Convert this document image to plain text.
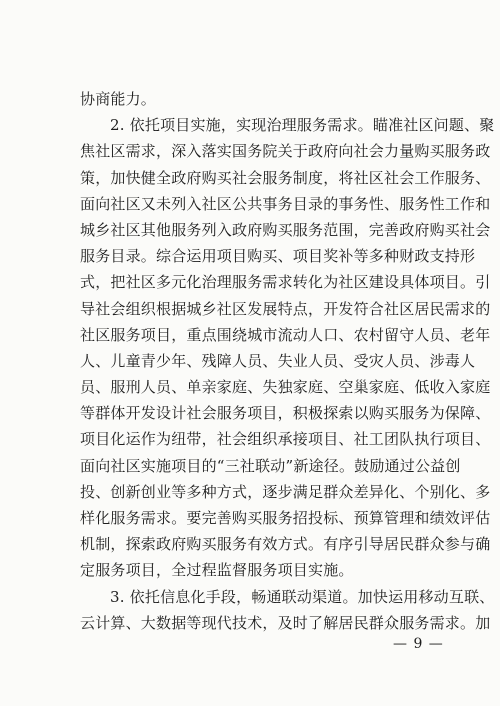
协商能力。
2. 依托项目实施，实现治理服务需求。瞄准社区问题、聚
焦社区需求，深入落实国务院关于政府向社会力量购买服务政
策，加快健全政府购买社会服务制度，将社区社会工作服务、
面向社区又未列入社区公共事务目录的事务性、服务性工作和
城乡社区其他服务列入政府购买服务范围，完善政府购买社会
服务目录。综合运用项目购买、项目奖补等多种财政支持形
式，把社区多元化治理服务需求转化为社区建设具体项目。引
导社会组织根据城乡社区发展特点，开发符合社区居民需求的
社区服务项目，重点围绕城市流动人口、农村留守人员、老年
人、儿童青少年、残障人员、失业人员、受灾人员、涉毒人
员、服刑人员、单亲家庭、失独家庭、空巢家庭、低收入家庭
等群体开发设计社会服务项目，积极探索以购买服务为保障、
项目化运作为纽带，社会组织承接项目、社工团队执行项目、
面向社区实施项目的“三社联动”新途径。鼓励通过公益创
投、创新创业等多种方式，逐步满足群众差异化、个别化、多
样化服务需求。要完善购买服务招投标、预算管理和绩效评估
机制，探索政府购买服务有效方式。有序引导居民群众参与确
定服务项目，全过程监督服务项目实施。
3. 依托信息化手段，畅通联动渠道。加快运用移动互联、
云计算、大数据等现代技术，及时了解居民群众服务需求。加
— 9 —
